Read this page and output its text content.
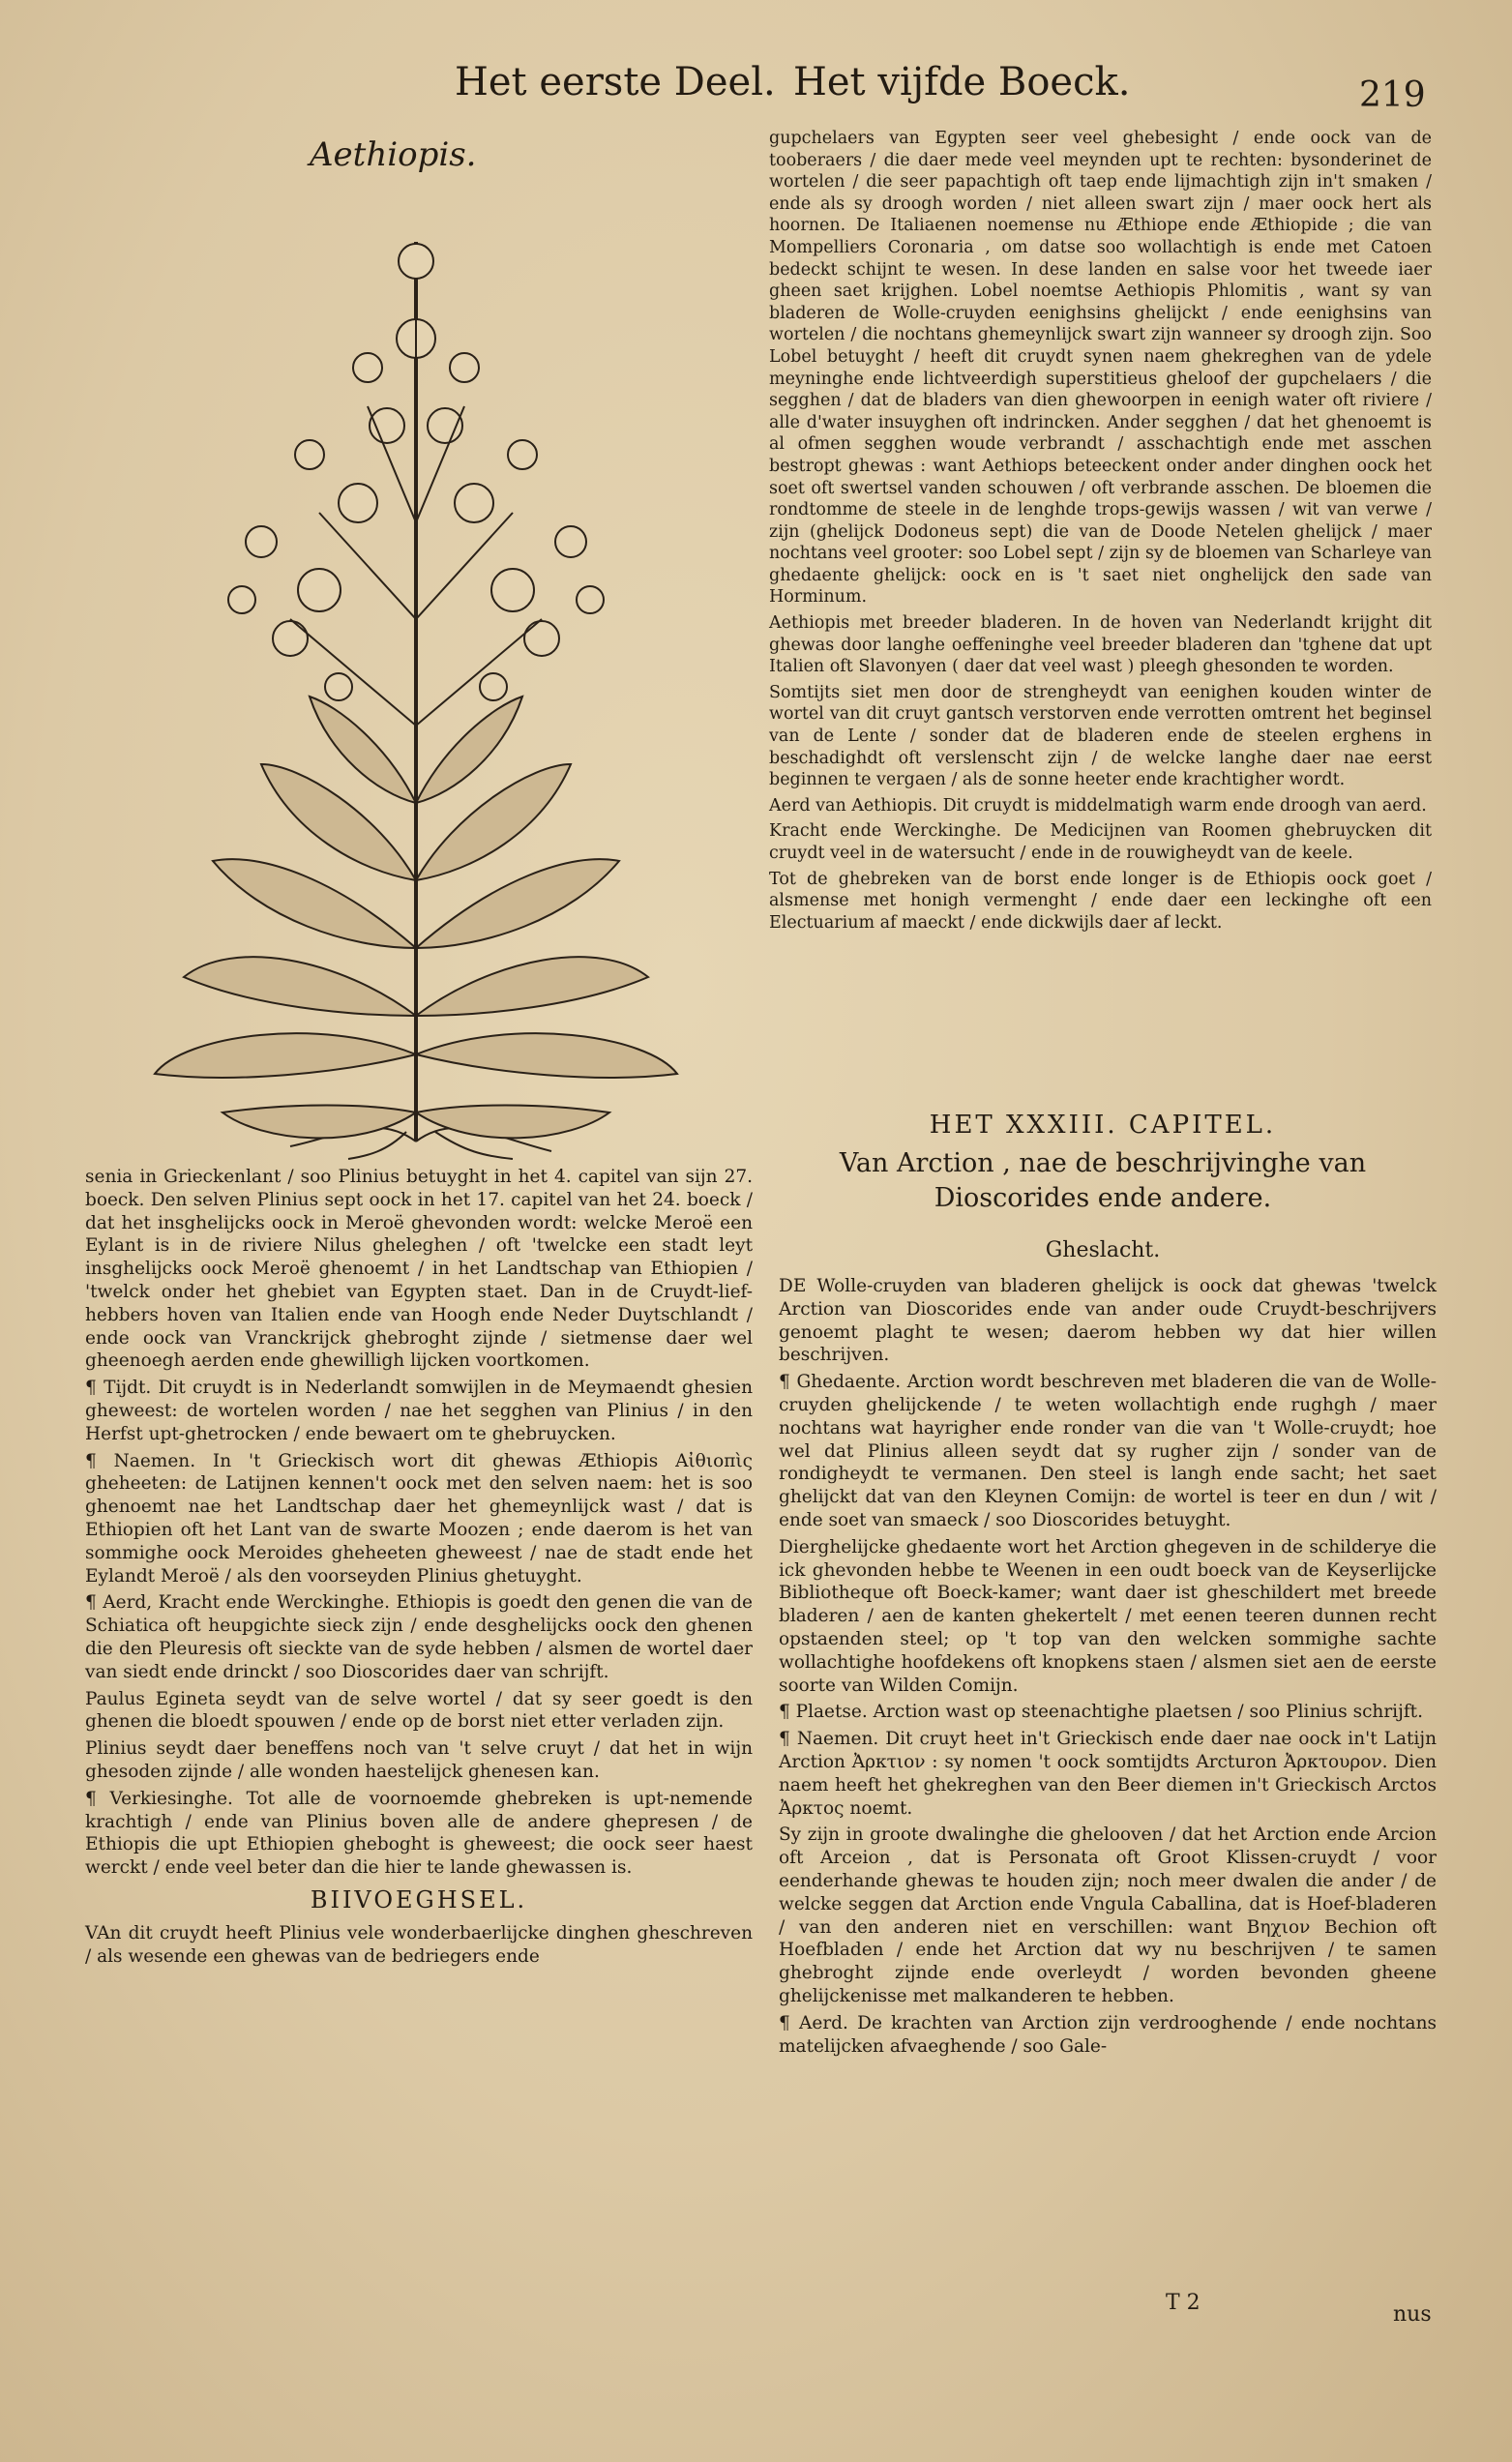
Het eerste Deel. Het vijfde Boeck.	219
Aethiopis.	gupchelaers van Egypten seer veel ghebesight / ende oock van de tooberaers / die daer mede veel meynden upt te rechten: bysonderinet de wortelen / die seer papachtigh oft taep ende lijmachtigh zijn in't smaken / ende als sy droogh worden / niet alleen swart zijn / maer oock hert als hoornen. De Italiaenen noemense nu Æthiope ende Æthiopide ; die van Mompelliers Coronaria , om datse soo wollachtigh is ende met Catoen bedeckt schijnt te wesen. In dese landen en salse voor het tweede iaer gheen saet krijghen. Lobel noemtse Aethiopis Phlomitis , want sy van bladeren de Wolle-cruyden eenighsins ghelijckt / ende eenighsins van wortelen / die nochtans ghemeynlijck swart zijn wanneer sy droogh zijn. Soo Lobel betuyght / heeft dit cruydt synen naem ghekreghen van de ydele meyninghe ende lichtveerdigh superstitieus gheloof der gupchelaers / die segghen / dat de bladers van dien ghewoorpen in eenigh water oft riviere / alle d'water insuyghen oft indrincken. Ander segghen / dat het ghenoemt is al ofmen segghen woude verbrandt / asschachtigh ende met asschen bestropt ghewas : want Aethiops beteeckent onder ander dinghen oock het soet oft swertsel vanden schouwen / oft verbrande asschen. De bloemen die rondtomme de steele in de lenghde trops-gewijs wassen / wit van verwe / zijn (ghelijck Dodoneus sept) die van de Doode Netelen ghelijck / maer nochtans veel grooter: soo Lobel sept / zijn sy de bloemen van Scharleye van ghedaente ghelijck: oock en is 't saet niet onghelijck den sade van Horminum.

Aethiopis met breeder bladeren. In de hoven van Nederlandt krijght dit ghewas door langhe oeffeninghe veel breeder bladeren dan 'tghene dat upt Italien oft Slavonyen ( daer dat veel wast ) pleegh ghesonden te worden.

Somtijts siet men door de strengheydt van eenighen kouden winter de wortel van dit cruyt gantsch verstorven ende verrotten omtrent het beginsel van de Lente / sonder dat de bladeren ende de steelen erghens in beschadighdt oft verslenscht zijn / de welcke langhe daer nae eerst beginnen te vergaen / als de sonne heeter ende krachtigher wordt.

Aerd van Aethiopis. Dit cruydt is middelmatigh warm ende droogh van aerd.

Kracht ende Werckinghe. De Medicijnen van Roomen ghebruycken dit cruydt veel in de watersucht / ende in de rouwigheydt van de keele.

Tot de ghebreken van de borst ende longer is de Ethiopis oock goet / alsmense met honigh vermenght / ende daer een leckinghe oft een Electuarium af maeckt / ende dickwijls daer af leckt.

HET XXXIII. CAPITEL.
Van Arction , nae de beschrijvinghe van Dioscorides ende andere.
Gheslacht.

DE Wolle-cruyden van bladeren ghelijck is oock dat ghewas 'twelck Arction van Dioscorides ende van ander oude Cruydt-beschrijvers genoemt plaght te wesen; daerom hebben wy dat hier willen beschrijven.

¶ Ghedaente. Arction wordt beschreven met bladeren die van de Wolle-cruyden ghelijckende / te weten wollachtigh ende rughgh / maer nochtans wat hayrigher ende ronder van die van 't Wolle-cruydt; hoe wel dat Plinius alleen seydt dat sy rugher zijn / sonder van de rondigheydt te vermanen. Den steel is langh ende sacht; het saet ghelijckt dat van den Kleynen Comijn: de wortel is teer en dun / wit / ende soet van smaeck / soo Dioscorides betuyght.

Dierghelijcke ghedaente wort het Arction ghegeven in de schilderye die ick ghevonden hebbe te Weenen in een oudt boeck van de Keyserlijcke Bibliotheque oft Boeck-kamer; want daer ist gheschildert met breede bladeren / aen de kanten ghekertelt / met eenen teeren dunnen recht opstaenden steel; op 't top van den welcken sommighe sachte wollachtighe hoofdekens oft knopkens staen / alsmen siet aen de eerste soorte van Wilden Comijn.

¶ Plaetse. Arction wast op steenachtighe plaetsen / soo Plinius schrijft.

¶ Naemen. Dit cruyt heet in't Grieckisch ende daer nae oock in't Latijn Arction Ἀρκτιον : sy nomen 't oock somtijdts Arcturon Ἀρκτουρον. Dien naem heeft het ghekreghen van den Beer diemen in't Grieckisch Arctos Ἀρκτος noemt.

Sy zijn in groote dwalinghe die ghelooven / dat het Arction ende Arcion oft Arceion , dat is Personata oft Groot Klissen-cruydt / voor eenderhande ghewas te houden zijn; noch meer dwalen die ander / de welcke seggen dat Arction ende Vngula Caballina, dat is Hoef-bladeren / van den anderen niet en verschillen: want Βηχιον Bechion oft Hoefbladen / ende het Arction dat wy nu beschrijven / te samen ghebroght zijnde ende overleydt / worden bevonden gheene ghelijckenisse met malkanderen te hebben.

¶ Aerd. De krachten van Arction zijn verdrooghende / ende nochtans matelijcken afvaeghende / soo Gale-

senia in Grieckenlant / soo Plinius betuyght in het 4. capitel van sijn 27. boeck. Den selven Plinius sept oock in het 17. capitel van het 24. boeck / dat het insghelijcks oock in Meroë ghevonden wordt: welcke Meroë een Eylant is in de riviere Nilus gheleghen / oft 'twelcke een stadt leyt insghelijcks oock Meroë ghenoemt / in het Landtschap van Ethiopien / 'twelck onder het ghebiet van Egypten staet. Dan in de Cruydt-lief-hebbers hoven van Italien ende van Hoogh ende Neder Duytschlandt / ende oock van Vranckrijck ghebroght zijnde / sietmense daer wel gheenoegh aerden ende ghewilligh lijcken voortkomen.

¶ Tijdt. Dit cruydt is in Nederlandt somwijlen in de Meymaendt ghesien gheweest: de wortelen worden / nae het segghen van Plinius / in den Herfst upt-ghetrocken / ende bewaert om te ghebruycken.

¶ Naemen. In 't Grieckisch wort dit ghewas Æthiopis Αἰθιοπὶς gheheeten: de Latijnen kennen't oock met den selven naem: het is soo ghenoemt nae het Landtschap daer het ghemeynlijck wast / dat is Ethiopien oft het Lant van de swarte Moozen ; ende daerom is het van sommighe oock Meroides gheheeten gheweest / nae de stadt ende het Eylandt Meroë / als den voorseyden Plinius ghetuyght.

¶ Aerd, Kracht ende Werckinghe. Ethiopis is goedt den genen die van de Schiatica oft heupgichte sieck zijn / ende desghelijcks oock den ghenen die den Pleuresis oft sieckte van de syde hebben / alsmen de wortel daer van siedt ende drinckt / soo Dioscorides daer van schrijft.

Paulus Egineta seydt van de selve wortel / dat sy seer goedt is den ghenen die bloedt spouwen / ende op de borst niet etter verladen zijn.

Plinius seydt daer beneffens noch van 't selve cruyt / dat het in wijn ghesoden zijnde / alle wonden haestelijck ghenesen kan.

¶ Verkiesinghe. Tot alle de voornoemde ghebreken is upt-nemende krachtigh / ende van Plinius boven alle de andere ghepresen / de Ethiopis die upt Ethiopien gheboght is gheweest; die oock seer haest werckt / ende veel beter dan die hier te lande ghewassen is.

BIIVOEGHSEL.

VAn dit cruydt heeft Plinius vele wonderbaerlijcke dinghen gheschreven / als wesende een ghewas van de bedriegers ende

T 2	nus
